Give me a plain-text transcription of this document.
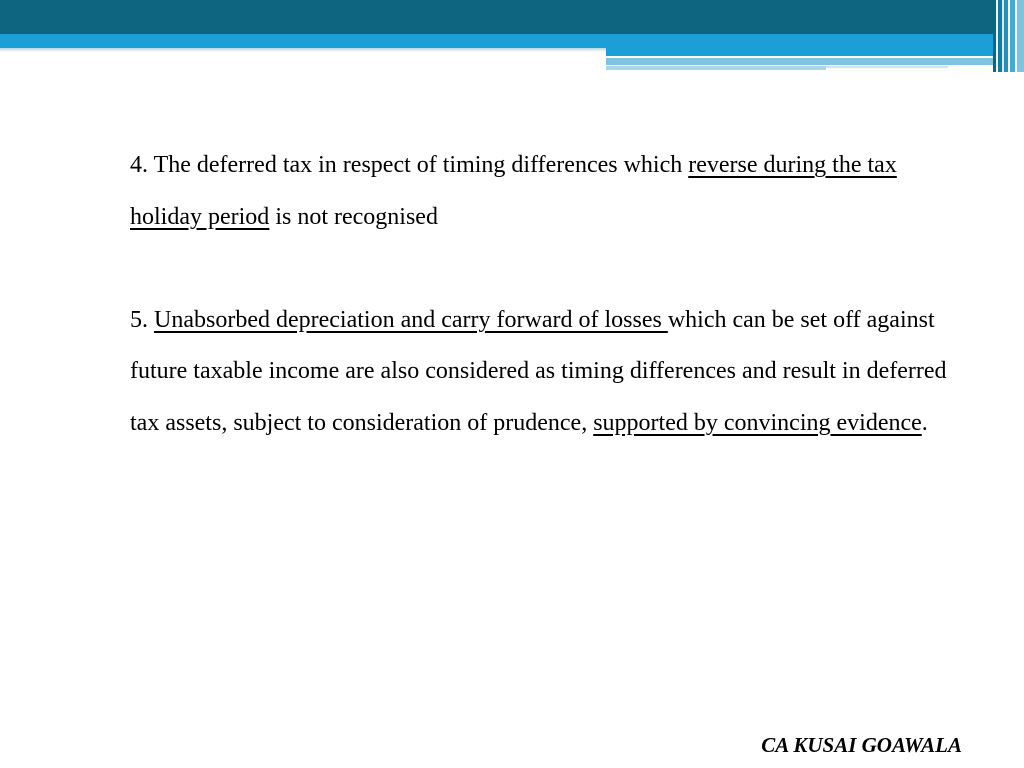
4. The deferred tax in respect of timing differences which reverse during the tax holiday period is not recognised

5. Unabsorbed depreciation and carry forward of losses which can be set off against future taxable income are also considered as timing differences and result in deferred tax assets, subject to consideration of prudence, supported by convincing evidence.

CA KUSAI GOAWALA
